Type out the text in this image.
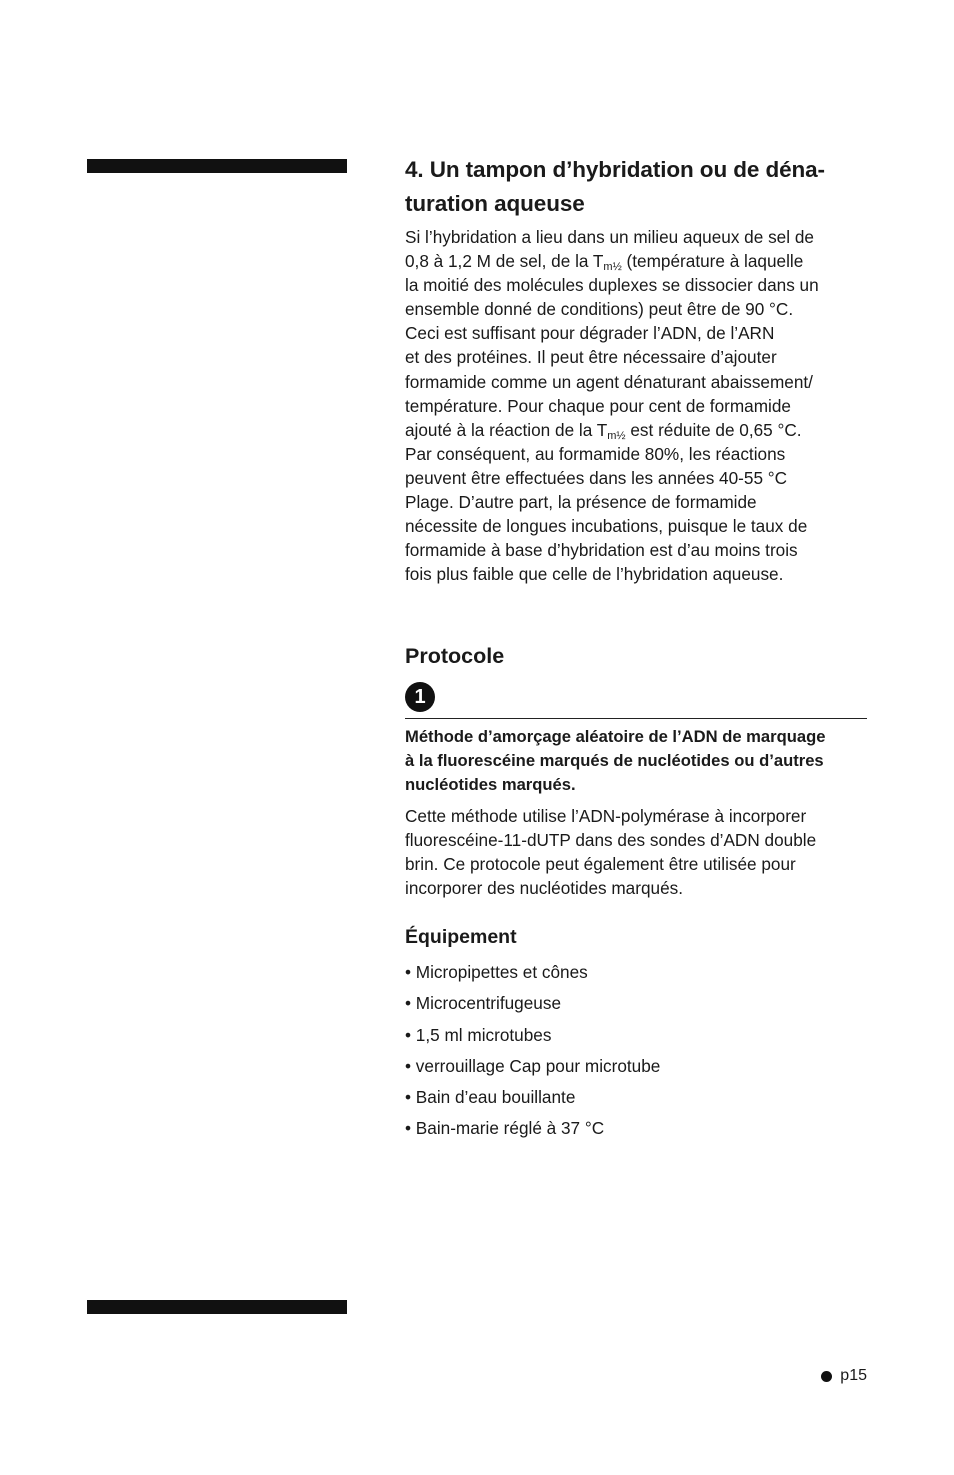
4. Un tampon d’hybridation ou de déna-
turation aqueuse
Si l’hybridation a lieu dans un milieu aqueux de sel de
0,8 à 1,2 M de sel, de la $T_{m\frac{1}{2}}$ (température à laquelle
la moitié des molécules duplexes se dissocier dans un
ensemble donné de conditions) peut être de 90 °C.
Ceci est suffisant pour dégrader l’ADN, de l’ARN
et des protéines. Il peut être nécessaire d’ajouter
formamide comme un agent dénaturant abaissement/
température. Pour chaque pour cent de formamide
ajouté à la réaction de la $T_{m\frac{1}{2}}$ est réduite de 0,65 °C.
Par conséquent, au formamide 80%, les réactions
peuvent être effectuées dans les années 40-55 °C
Plage. D’autre part, la présence de formamide
nécessite de longues incubations, puisque le taux de
formamide à base d’hybridation est d’au moins trois
fois plus faible que celle de l’hybridation aqueuse.
Protocole
1
Méthode d’amorçage aléatoire de l’ADN de marquage
à la fluorescéine marqués de nucléotides ou d’autres
nucléotides marqués.
Cette méthode utilise l’ADN-polymérase à incorporer
fluorescéine-11-dUTP dans des sondes d’ADN double
brin. Ce protocole peut également être utilisée pour
incorporer des nucléotides marqués.
Équipement
• Micropipettes et cônes
• Microcentrifugeuse
• 1,5 ml microtubes
• verrouillage Cap pour microtube
• Bain d’eau bouillante
• Bain-marie réglé à 37 °C
p15
